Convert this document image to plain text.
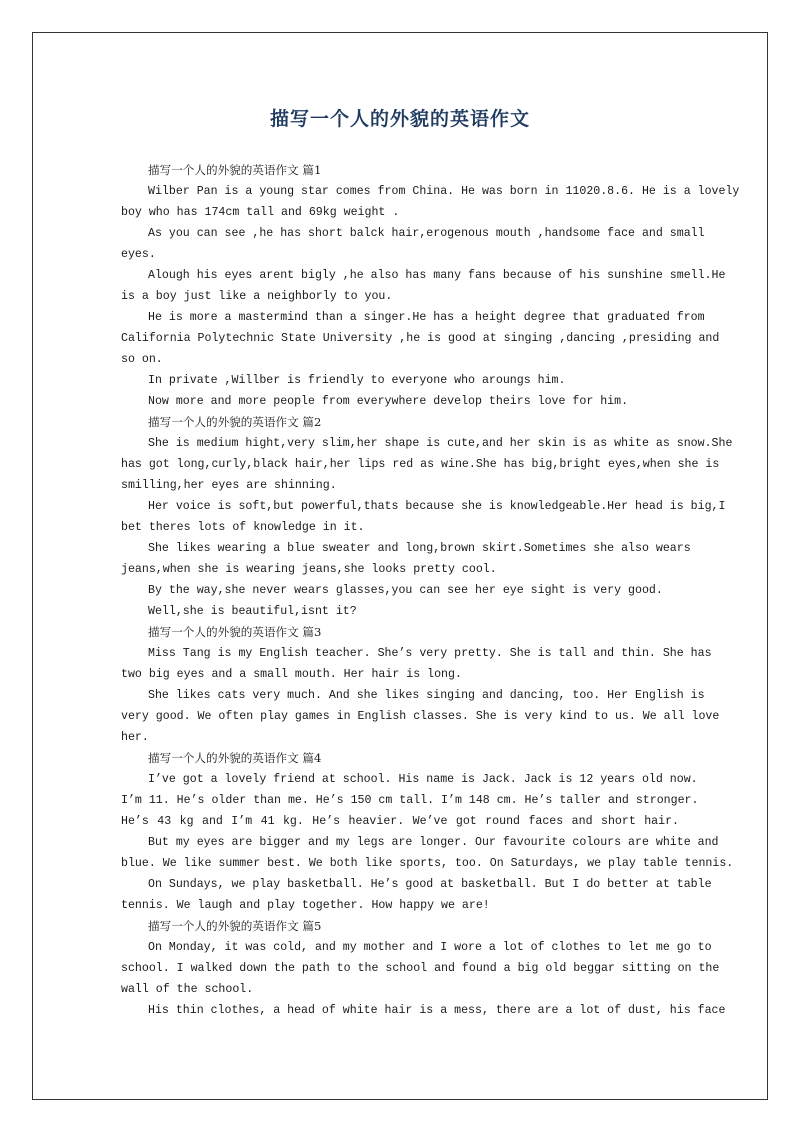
描写一个人的外貌的英语作文

描写一个人的外貌的英语作文 篇1

Wilber Pan is a young star comes from China. He was born in 11020.8.6. He is a lovely

boy who has 174cm tall and 69kg weight .

As you can see ,he has short balck hair,erogenous mouth ,handsome face and small

eyes.

Alough his eyes arent bigly ,he also has many fans because of his sunshine smell.He

is a boy just like a neighborly to you.

He is more a mastermind than a singer.He has a height degree that graduated from

California Polytechnic State University ,he is good at singing ,dancing ,presiding and

so on.

In private ,Willber is friendly to everyone who aroungs him.

Now more and more people from everywhere develop theirs love for him.

描写一个人的外貌的英语作文 篇2

She is medium hight,very slim,her shape is cute,and her skin is as white as snow.She

has got long,curly,black hair,her lips red as wine.She has big,bright eyes,when she is

smilling,her eyes are shinning.

Her voice is soft,but powerful,thats because she is knowledgeable.Her head is big,I

bet theres lots of knowledge in it.

She likes wearing a blue sweater and long,brown skirt.Sometimes she also wears

jeans,when she is wearing jeans,she looks pretty cool.

By the way,she never wears glasses,you can see her eye sight is very good.

Well,she is beautiful,isnt it?

描写一个人的外貌的英语作文 篇3

Miss Tang is my English teacher. She’s very pretty. She is tall and thin. She has

two big eyes and a small mouth. Her hair is long.

She likes cats very much. And she likes singing and dancing, too. Her English is

very good. We often play games in English classes. She is very kind to us. We all love

her.

描写一个人的外貌的英语作文 篇4

I’ve got a lovely friend at school. His name is Jack. Jack is 12 years old now.

I’m 11. He’s older than me. He’s 150 cm tall. I’m 148 cm. He’s taller and stronger.

He’s 43 kg and I’m 41 kg. He’s heavier. We’ve got round faces and short hair.

But my eyes are bigger and my legs are longer. Our favourite colours are white and

blue. We like summer best. We both like sports, too. On Saturdays, we play table tennis.

On Sundays, we play basketball. He’s good at basketball. But I do better at table

tennis. We laugh and play together. How happy we are!

描写一个人的外貌的英语作文 篇5

On Monday, it was cold, and my mother and I wore a lot of clothes to let me go to

school. I walked down the path to the school and found a big old beggar sitting on the

wall of the school.

His thin clothes, a head of white hair is a mess, there are a lot of dust, his face
